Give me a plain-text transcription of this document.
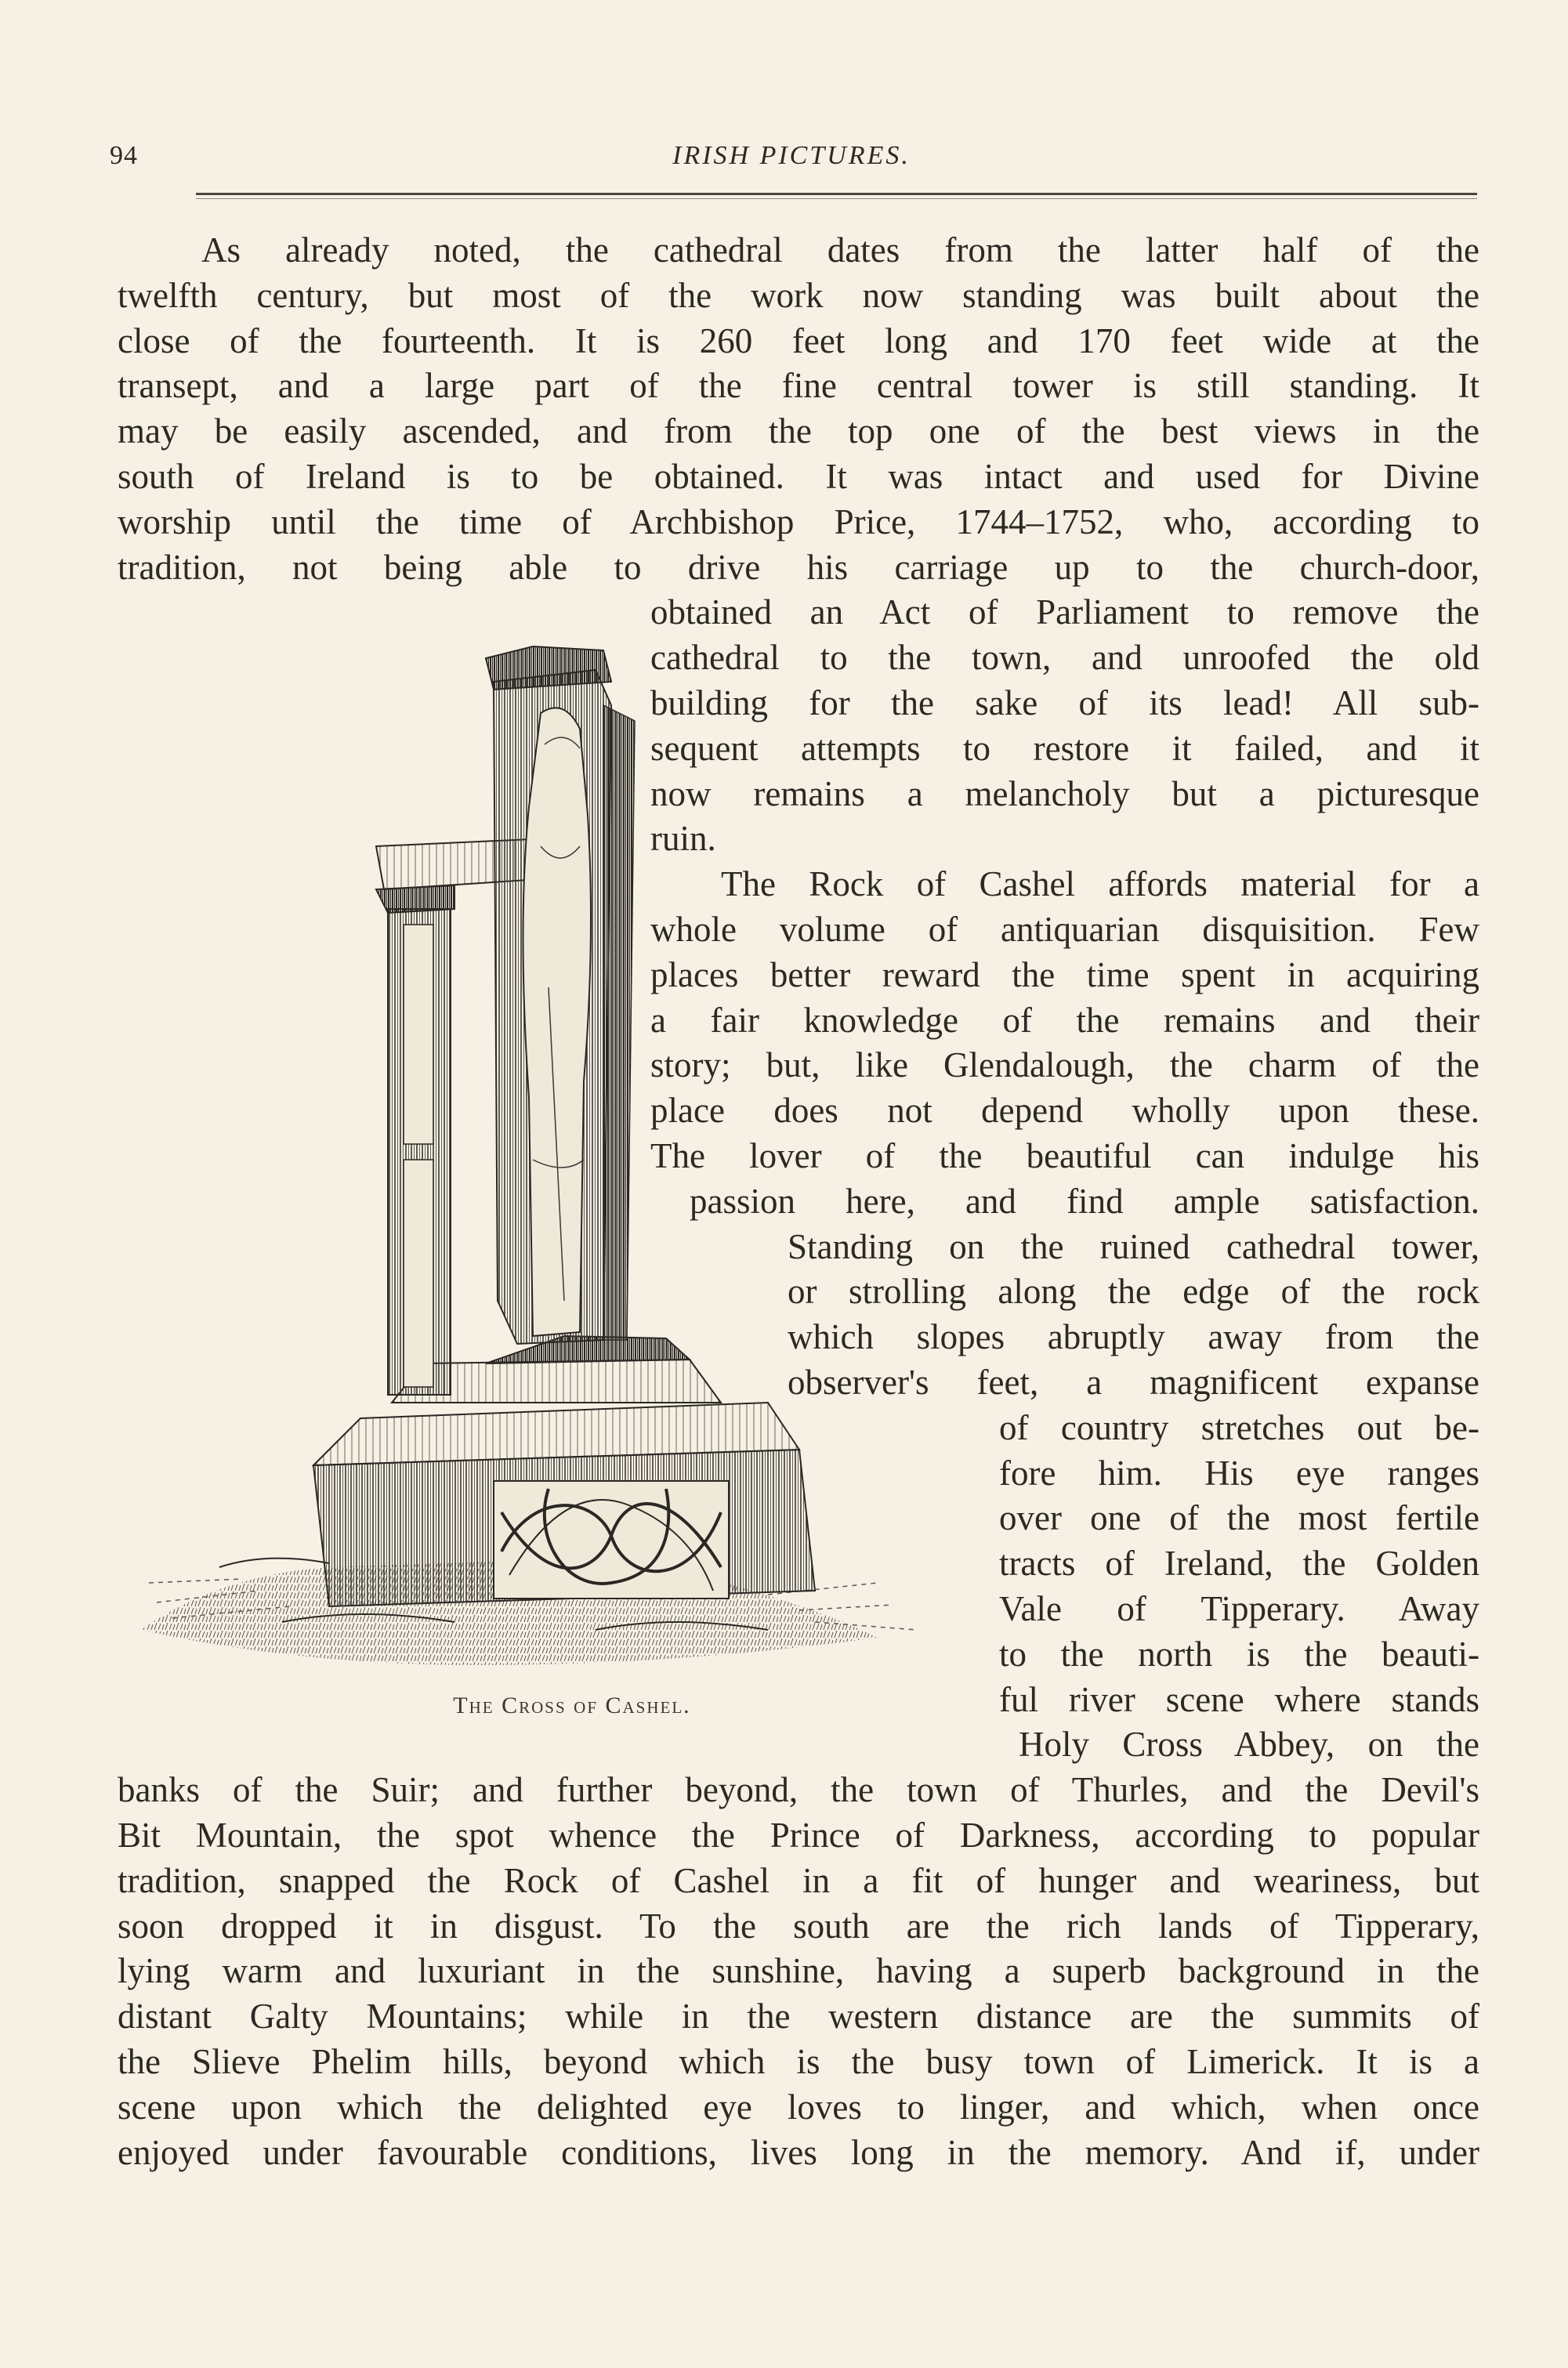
94	IRISH PICTURES.
As already noted, the cathedral dates from the latter half of the
twelfth century, but most of the work now standing was built about the
close of the fourteenth. It is 260 feet long and 170 feet wide at the
transept, and a large part of the fine central tower is still standing. It
may be easily ascended, and from the top one of the best views in the
south of Ireland is to be obtained. It was intact and used for Divine
worship until the time of Archbishop Price, 1744–1752, who, according to
tradition, not being able to drive his carriage up to the church-door,
obtained an Act of Parliament to remove the
cathedral to the town, and unroofed the old
building for the sake of its lead! All sub-
sequent attempts to restore it failed, and it
now remains a melancholy but a picturesque
ruin.
The Rock of Cashel affords material for a
whole volume of antiquarian disquisition. Few
places better reward the time spent in acquiring
a fair knowledge of the remains and their
story; but, like Glendalough, the charm of the
place does not depend wholly upon these.
The lover of the beautiful can indulge his
passion here, and find ample satisfaction.
Standing on the ruined cathedral tower,
or strolling along the edge of the rock
which slopes abruptly away from the
observer's feet, a magnificent expanse
of country stretches out be-
fore him. His eye ranges
over one of the most fertile
tracts of Ireland, the Golden
Vale of Tipperary. Away
to the north is the beauti-
ful river scene where stands
Holy Cross Abbey, on the
banks of the Suir; and further beyond, the town of Thurles, and the Devil's
Bit Mountain, the spot whence the Prince of Darkness, according to popular
tradition, snapped the Rock of Cashel in a fit of hunger and weariness, but
soon dropped it in disgust. To the south are the rich lands of Tipperary,
lying warm and luxuriant in the sunshine, having a superb background in the
distant Galty Mountains; while in the western distance are the summits of
the Slieve Phelim hills, beyond which is the busy town of Limerick. It is a
scene upon which the delighted eye loves to linger, and which, when once
enjoyed under favourable conditions, lives long in the memory. And if, under
The Cross of Cashel.
